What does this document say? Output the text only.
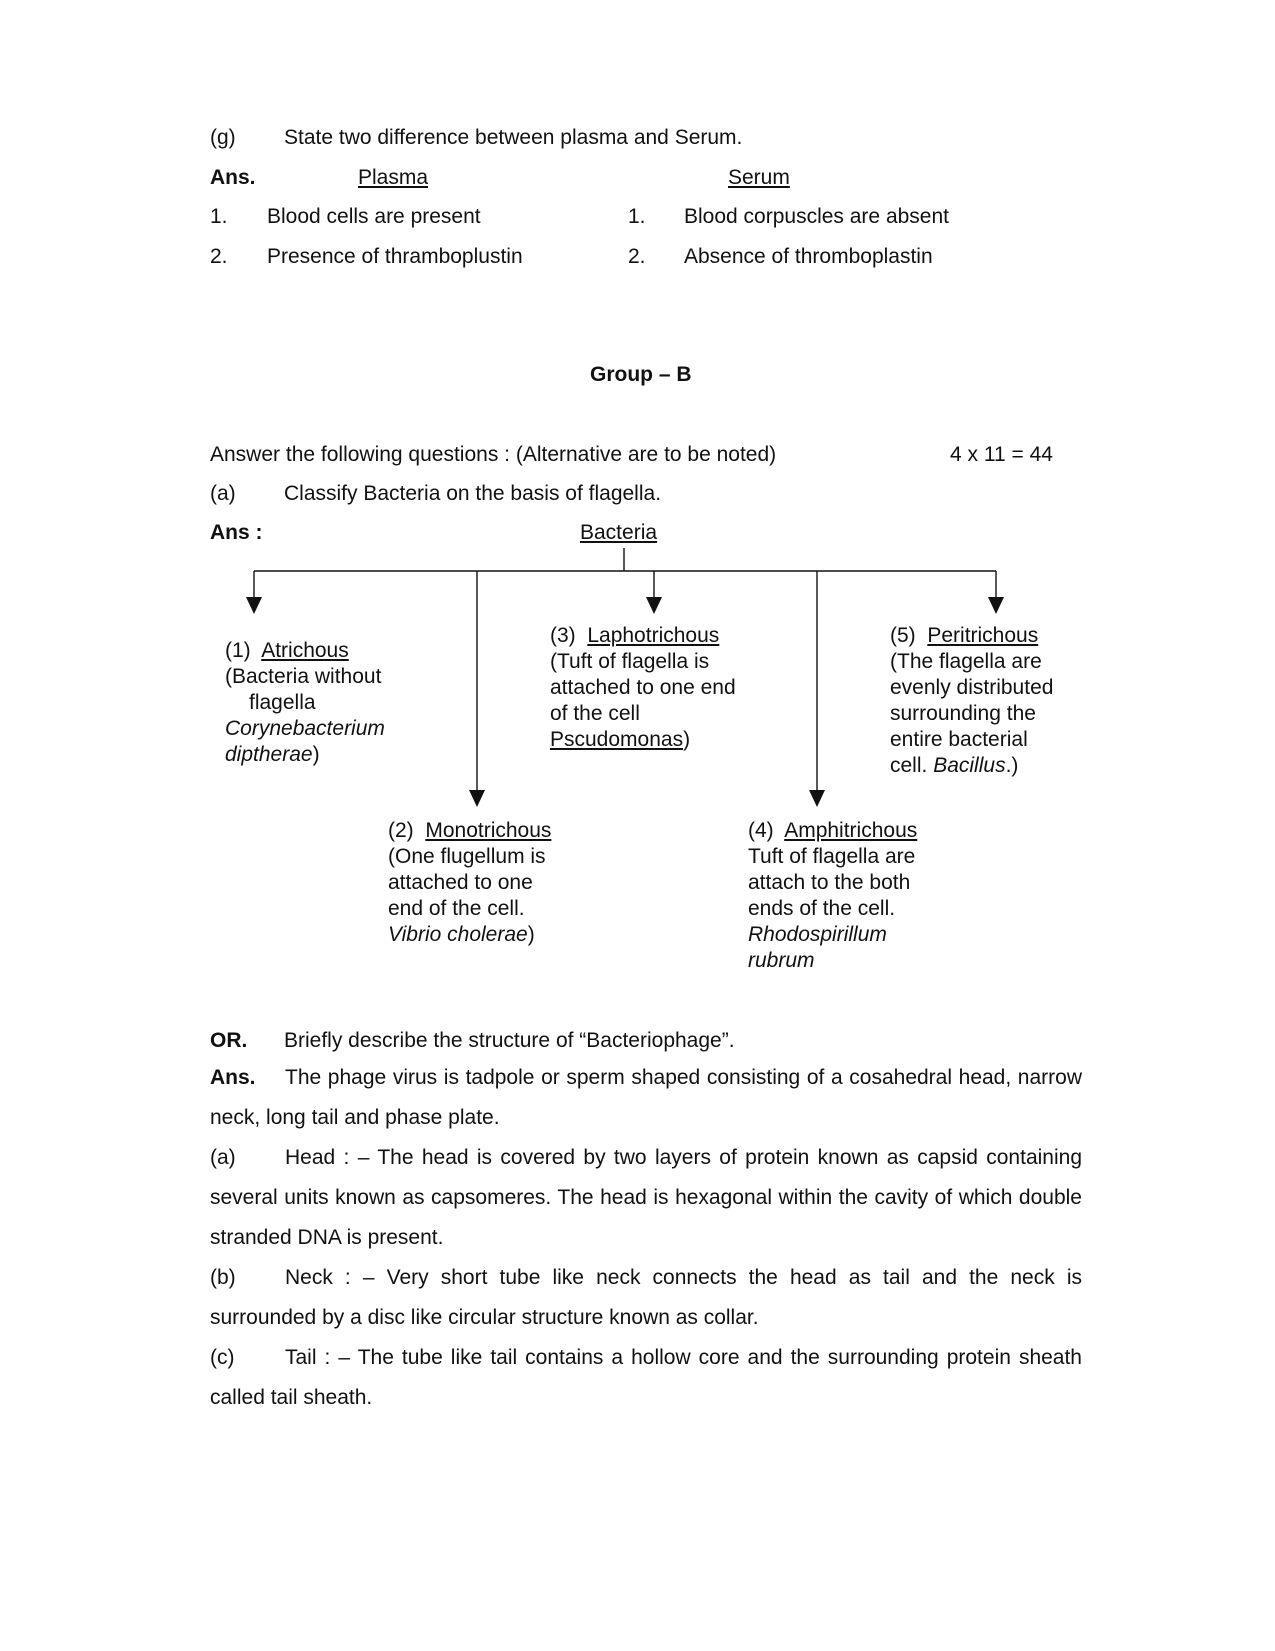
(g) State two difference between plasma and Serum.
Ans.	Plasma	Serum
1. Blood cells are present	1. Blood corpuscles are absent
2. Presence of thramboplustin	2. Absence of thromboplastin
Group – B
Answer the following questions : (Alternative are to be noted)	4 x 11 = 44
(a) Classify Bacteria on the basis of flagella.
Ans :	Bacteria
(1) Atrichous
(Bacteria without
flagella
Corynebacterium
diptherae)
(2) Monotrichous
(One flugellum is
attached to one
end of the cell.
Vibrio cholerae)
(3) Laphotrichous
(Tuft of flagella is
attached to one end
of the cell
Pscudomonas)
(4) Amphitrichous
Tuft of flagella are
attach to the both
ends of the cell.
Rhodospirillum
rubrum
(5) Peritrichous
(The flagella are
evenly distributed
surrounding the
entire bacterial
cell. Bacillus.)
OR. Briefly describe the structure of “Bacteriophage”.
Ans. The phage virus is tadpole or sperm shaped consisting of a cosahedral head, narrow neck, long tail and phase plate.
(a) Head : – The head is covered by two layers of protein known as capsid containing several units known as capsomeres. The head is hexagonal within the cavity of which double stranded DNA is present.
(b) Neck : – Very short tube like neck connects the head as tail and the neck is surrounded by a disc like circular structure known as collar.
(c) Tail : – The tube like tail contains a hollow core and the surrounding protein sheath called tail sheath.
